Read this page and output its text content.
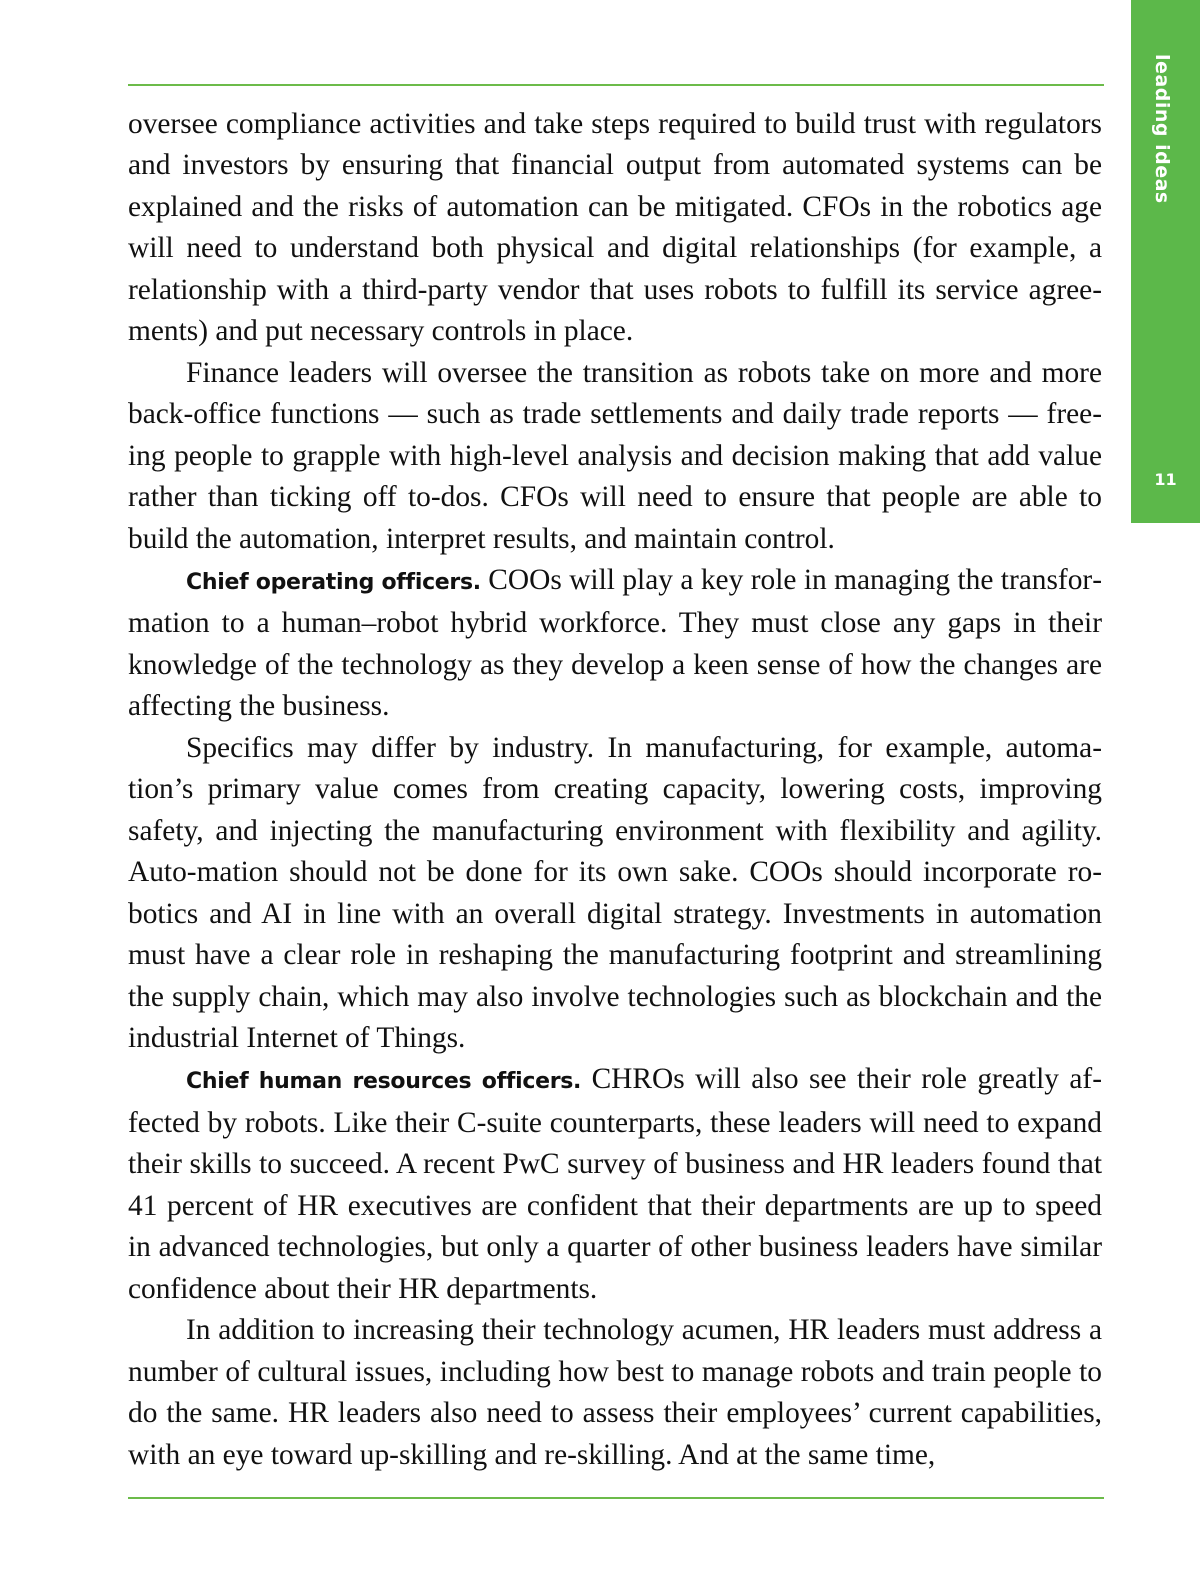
leading ideas
11

oversee compliance activities and take steps required to build trust with regulators and investors by ensuring that financial output from automated systems can be explained and the risks of automation can be mitigated. CFOs in the robotics age will need to understand both physical and digital relationships (for example, a relationship with a third-party vendor that uses robots to fulfill its service agreements) and put necessary controls in place.

Finance leaders will oversee the transition as robots take on more and more back-office functions — such as trade settlements and daily trade reports — freeing people to grapple with high-level analysis and decision making that add value rather than ticking off to-dos. CFOs will need to ensure that people are able to build the automation, interpret results, and maintain control.

Chief operating officers. COOs will play a key role in managing the transformation to a human–robot hybrid workforce. They must close any gaps in their knowledge of the technology as they develop a keen sense of how the changes are affecting the business.

Specifics may differ by industry. In manufacturing, for example, automation’s primary value comes from creating capacity, lowering costs, improving safety, and injecting the manufacturing environment with flexibility and agility. Auto-mation should not be done for its own sake. COOs should incorporate robotics and AI in line with an overall digital strategy. Investments in automation must have a clear role in reshaping the manufacturing footprint and streamlining the supply chain, which may also involve technologies such as blockchain and the industrial Internet of Things.

Chief human resources officers. CHROs will also see their role greatly affected by robots. Like their C-suite counterparts, these leaders will need to expand their skills to succeed. A recent PwC survey of business and HR leaders found that 41 percent of HR executives are confident that their departments are up to speed in advanced technologies, but only a quarter of other business leaders have similar confidence about their HR departments.

In addition to increasing their technology acumen, HR leaders must address a number of cultural issues, including how best to manage robots and train people to do the same. HR leaders also need to assess their employees’ current capabilities, with an eye toward up-skilling and re-skilling. And at the same time,
